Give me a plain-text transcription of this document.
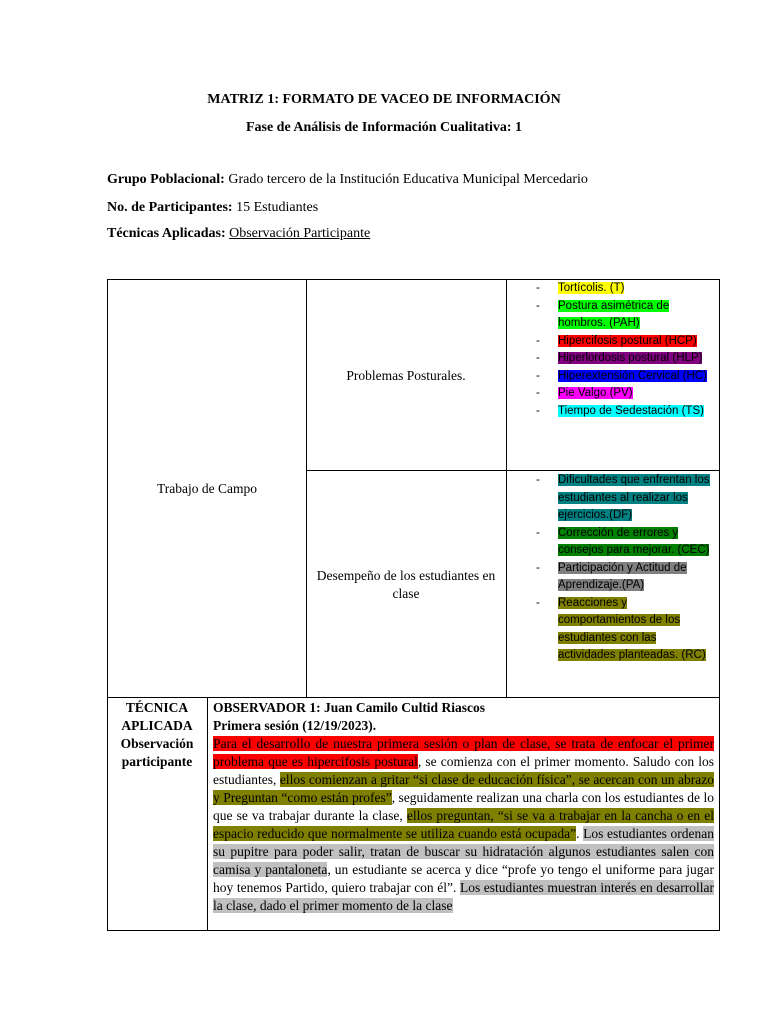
MATRIZ 1: FORMATO DE VACEO DE INFORMACIÓN
Fase de Análisis de Información Cualitativa: 1
Grupo Poblacional: Grado tercero de la Institución Educativa Municipal Mercedario
No. de Participantes: 15 Estudiantes
Técnicas Aplicadas: Observación Participante
Trabajo de Campo
Problemas Posturales.
Desempeño de los estudiantes en clase
- Tortícolis. (T)
- Postura asimétrica de hombros. (PAH)
- Hipercifosis postural (HCP)
- Hiperlordosis postural (HLP)
- Hiperextensión Cervical (HC)
- Pie Valgo (PV)
- Tiempo de Sedestación (TS)
- Dificultades que enfrentan los estudiantes al realizar los ejercicios.(DF)
- Corrección de errores y consejos para mejorar. (CEC)
- Participación y Actitud de Aprendizaje.(PA)
- Reacciones y comportamientos de los estudiantes con las actividades planteadas. (RC)
TÉCNICA
APLICADA
Observación
participante
OBSERVADOR 1: Juan Camilo Cultid Riascos
Primera sesión (12/19/2023).
Para el desarrollo de nuestra primera sesión o plan de clase, se trata de enfocar el primer problema que es hipercifosis postural, se comienza con el primer momento. Saludo con los estudiantes, ellos comienzan a gritar “si clase de educación física”, se acercan con un abrazo y Preguntan “como están profes”, seguidamente realizan una charla con los estudiantes de lo que se va trabajar durante la clase, ellos preguntan, “si se va a trabajar en la cancha o en el espacio reducido que normalmente se utiliza cuando está ocupada”. Los estudiantes ordenan su pupitre para poder salir, tratan de buscar su hidratación algunos estudiantes salen con camisa y pantaloneta, un estudiante se acerca y dice “profe yo tengo el uniforme para jugar hoy tenemos Partido, quiero trabajar con él”. Los estudiantes muestran interés en desarrollar la clase, dado el primer momento de la clase
